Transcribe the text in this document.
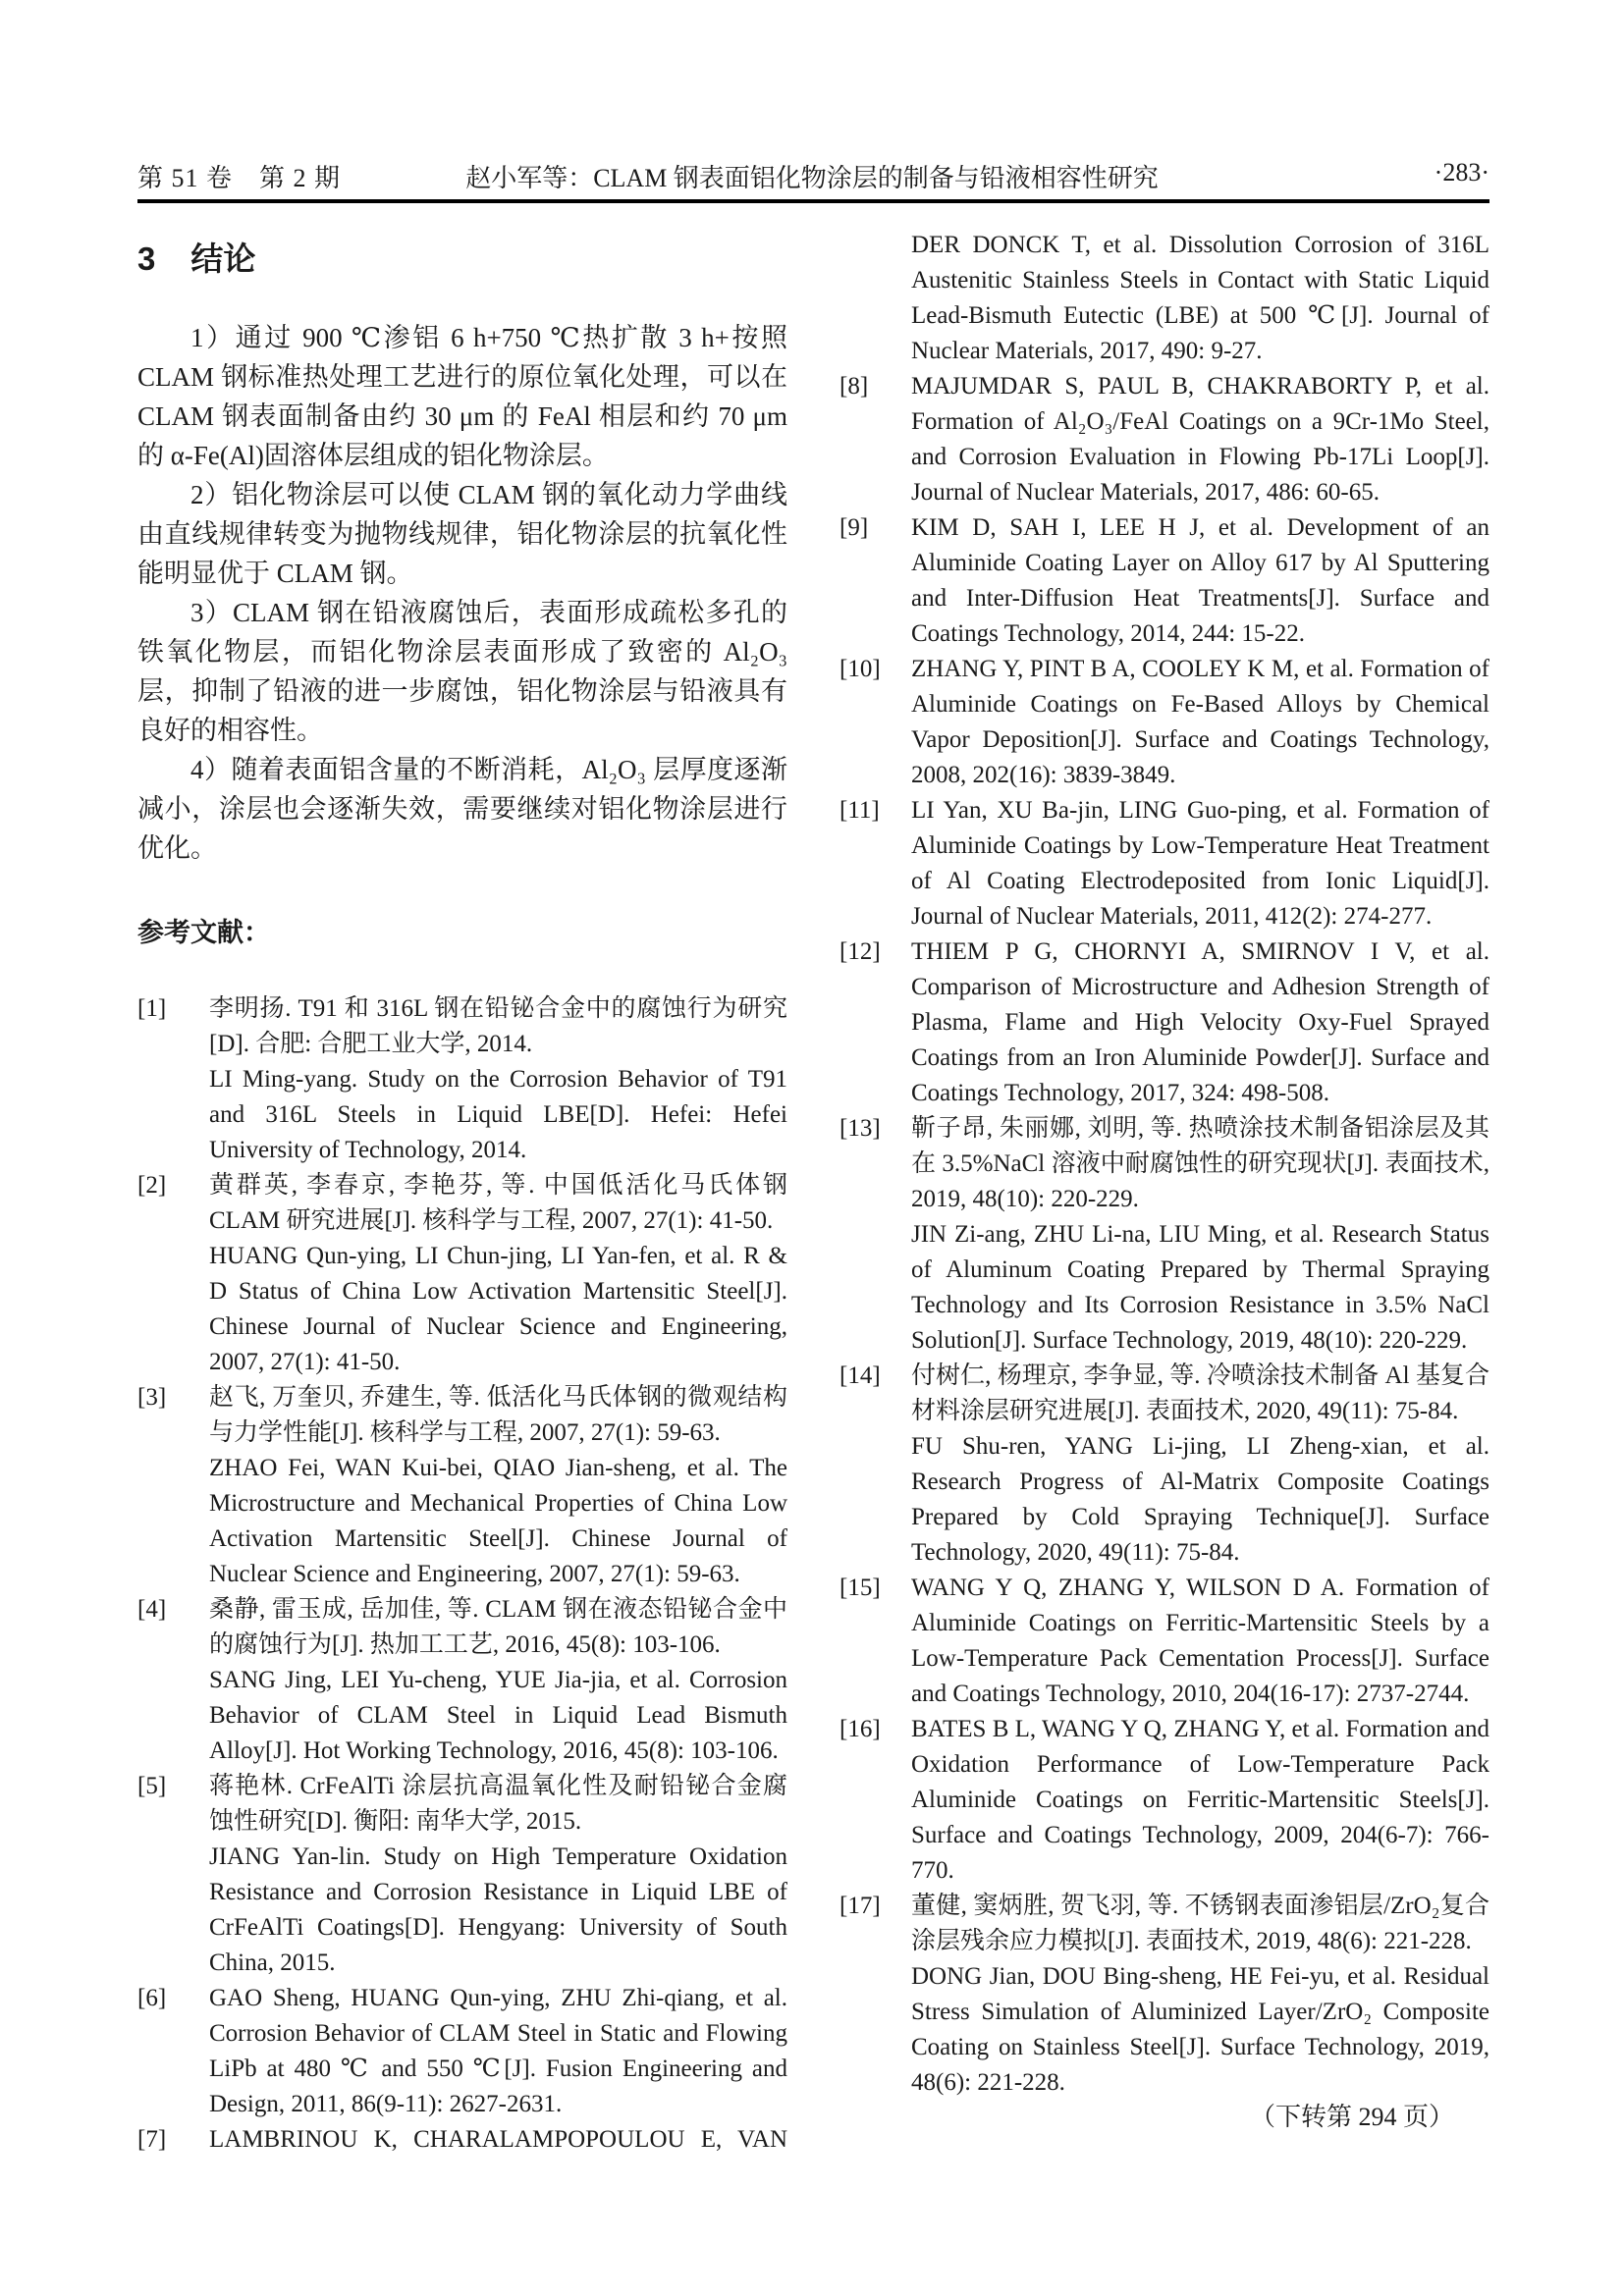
第 51 卷　第 2 期	赵小军等：CLAM 钢表面铝化物涂层的制备与铅液相容性研究	·283·
3 结论

1）通过 900 ℃渗铝 6 h+750 ℃热扩散 3 h+按照 CLAM 钢标准热处理工艺进行的原位氧化处理，可以在 CLAM 钢表面制备由约 30 μm 的 FeAl 相层和约 70 μm 的 α-Fe(Al)固溶体层组成的铝化物涂层。

2）铝化物涂层可以使 CLAM 钢的氧化动力学曲线由直线规律转变为抛物线规律，铝化物涂层的抗氧化性能明显优于 CLAM 钢。

3）CLAM 钢在铅液腐蚀后，表面形成疏松多孔的铁氧化物层，而铝化物涂层表面形成了致密的 Al₂O₃ 层，抑制了铅液的进一步腐蚀，铝化物涂层与铅液具有良好的相容性。

4）随着表面铝含量的不断消耗，Al₂O₃ 层厚度逐渐减小，涂层也会逐渐失效，需要继续对铝化物涂层进行优化。

参考文献：
[1] 李明扬. T91 和 316L 钢在铅铋合金中的腐蚀行为研究[D]. 合肥: 合肥工业大学, 2014.

LI Ming-yang. Study on the Corrosion Behavior of T91 and 316L Steels in Liquid LBE[D]. Hefei: Hefei University of Technology, 2014.

[2] 黄群英, 李春京, 李艳芬, 等. 中国低活化马氏体钢 CLAM 研究进展[J]. 核科学与工程, 2007, 27(1): 41-50.

HUANG Qun-ying, LI Chun-jing, LI Yan-fen, et al. R & D Status of China Low Activation Martensitic Steel[J]. Chinese Journal of Nuclear Science and Engineering, 2007, 27(1): 41-50.

[3] 赵飞, 万奎贝, 乔建生, 等. 低活化马氏体钢的微观结构与力学性能[J]. 核科学与工程, 2007, 27(1): 59-63.

ZHAO Fei, WAN Kui-bei, QIAO Jian-sheng, et al. The Microstructure and Mechanical Properties of China Low Activation Martensitic Steel[J]. Chinese Journal of Nuclear Science and Engineering, 2007, 27(1): 59-63.

[4] 桑静, 雷玉成, 岳加佳, 等. CLAM 钢在液态铅铋合金中的腐蚀行为[J]. 热加工工艺, 2016, 45(8): 103-106.

SANG Jing, LEI Yu-cheng, YUE Jia-jia, et al. Corrosion Behavior of CLAM Steel in Liquid Lead Bismuth Alloy[J]. Hot Working Technology, 2016, 45(8): 103-106.

[5] 蒋艳林. CrFeAlTi 涂层抗高温氧化性及耐铅铋合金腐蚀性研究[D]. 衡阳: 南华大学, 2015.

JIANG Yan-lin. Study on High Temperature Oxidation Resistance and Corrosion Resistance in Liquid LBE of CrFeAlTi Coatings[D]. Hengyang: University of South China, 2015.

[6] GAO Sheng, HUANG Qun-ying, ZHU Zhi-qiang, et al. Corrosion Behavior of CLAM Steel in Static and Flowing LiPb at 480 ℃ and 550 ℃[J]. Fusion Engineering and Design, 2011, 86(9-11): 2627-2631.

[7] LAMBRINOU K, CHARALAMPOPOULOU E, VAN

DER DONCK T, et al. Dissolution Corrosion of 316L Austenitic Stainless Steels in Contact with Static Liquid Lead-Bismuth Eutectic (LBE) at 500 ℃[J]. Journal of Nuclear Materials, 2017, 490: 9-27.

[8] MAJUMDAR S, PAUL B, CHAKRABORTY P, et al. Formation of Al₂O₃/FeAl Coatings on a 9Cr-1Mo Steel, and Corrosion Evaluation in Flowing Pb-17Li Loop[J]. Journal of Nuclear Materials, 2017, 486: 60-65.

[9] KIM D, SAH I, LEE H J, et al. Development of an Aluminide Coating Layer on Alloy 617 by Al Sputtering and Inter-Diffusion Heat Treatments[J]. Surface and Coatings Technology, 2014, 244: 15-22.

[10] ZHANG Y, PINT B A, COOLEY K M, et al. Formation of Aluminide Coatings on Fe-Based Alloys by Chemical Vapor Deposition[J]. Surface and Coatings Technology, 2008, 202(16): 3839-3849.

[11] LI Yan, XU Ba-jin, LING Guo-ping, et al. Formation of Aluminide Coatings by Low-Temperature Heat Treatment of Al Coating Electrodeposited from Ionic Liquid[J]. Journal of Nuclear Materials, 2011, 412(2): 274-277.

[12] THIEM P G, CHORNYI A, SMIRNOV I V, et al. Comparison of Microstructure and Adhesion Strength of Plasma, Flame and High Velocity Oxy-Fuel Sprayed Coatings from an Iron Aluminide Powder[J]. Surface and Coatings Technology, 2017, 324: 498-508.

[13] 靳子昂, 朱丽娜, 刘明, 等. 热喷涂技术制备铝涂层及其在 3.5%NaCl 溶液中耐腐蚀性的研究现状[J]. 表面技术, 2019, 48(10): 220-229.

JIN Zi-ang, ZHU Li-na, LIU Ming, et al. Research Status of Aluminum Coating Prepared by Thermal Spraying Technology and Its Corrosion Resistance in 3.5% NaCl Solution[J]. Surface Technology, 2019, 48(10): 220-229.

[14] 付树仁, 杨理京, 李争显, 等. 冷喷涂技术制备 Al 基复合材料涂层研究进展[J]. 表面技术, 2020, 49(11): 75-84.

FU Shu-ren, YANG Li-jing, LI Zheng-xian, et al. Research Progress of Al-Matrix Composite Coatings Prepared by Cold Spraying Technique[J]. Surface Technology, 2020, 49(11): 75-84.

[15] WANG Y Q, ZHANG Y, WILSON D A. Formation of Aluminide Coatings on Ferritic-Martensitic Steels by a Low-Temperature Pack Cementation Process[J]. Surface and Coatings Technology, 2010, 204(16-17): 2737-2744.

[16] BATES B L, WANG Y Q, ZHANG Y, et al. Formation and Oxidation Performance of Low-Temperature Pack Aluminide Coatings on Ferritic-Martensitic Steels[J]. Surface and Coatings Technology, 2009, 204(6-7): 766-770.

[17] 董健, 窦炳胜, 贺飞羽, 等. 不锈钢表面渗铝层/ZrO₂复合涂层残余应力模拟[J]. 表面技术, 2019, 48(6): 221-228.

DONG Jian, DOU Bing-sheng, HE Fei-yu, et al. Residual Stress Simulation of Aluminized Layer/ZrO₂ Composite Coating on Stainless Steel[J]. Surface Technology, 2019, 48(6): 221-228.

（下转第 294 页）
